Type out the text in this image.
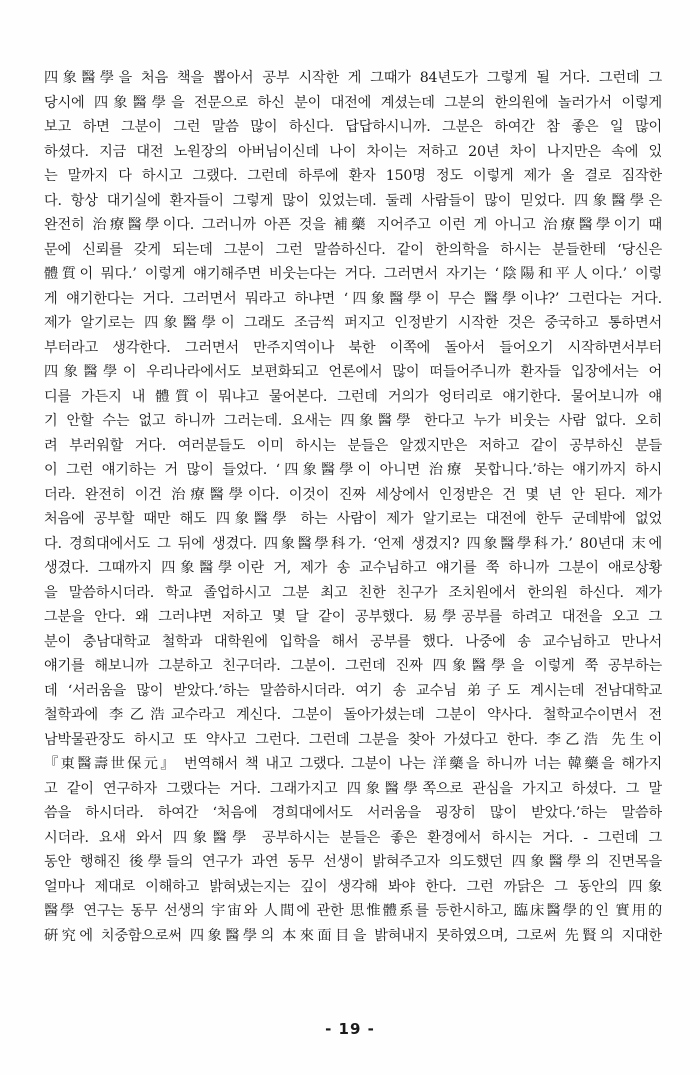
四象醫學을 처음 책을 뽑아서 공부 시작한 게 그때가 84년도가 그렇게 될 거다. 그런데 그
당시에 四象醫學을 전문으로 하신 분이 대전에 계셨는데 그분의 한의원에 놀러가서 이렇게
보고 하면 그분이 그런 말씀 많이 하신다. 답답하시니까. 그분은 하여간 참 좋은 일 많이
하셨다. 지금 대전 노원장의 아버님이신데 나이 차이는 저하고 20년 차이 나지만은 속에 있
는 말까지 다 하시고 그랬다. 그런데 하루에 환자 150명 정도 이렇게 제가 올 결로 짐작한
다. 항상 대기실에 환자들이 그렇게 많이 있었는데. 둘레 사람들이 많이 믿었다. 四象醫學은
완전히 治療醫學이다. 그러니까 아픈 것을 補藥 지어주고 이런 게 아니고 治療醫學이기 때
문에 신뢰를 갖게 되는데 그분이 그런 말씀하신다. 같이 한의학을 하시는 분들한테 ‘당신은
體質이 뭐다.’ 이렇게 얘기해주면 비웃는다는 거다. 그러면서 자기는 ‘陰陽和平人이다.’ 이렇
게 얘기한다는 거다. 그러면서 뭐라고 하냐면 ‘四象醫學이 무슨 醫學이냐?’ 그런다는 거다.
제가 알기로는 四象醫學이 그래도 조금씩 퍼지고 인정받기 시작한 것은 중국하고 통하면서
부터라고 생각한다. 그러면서 만주지역이나 북한 이쪽에 돌아서 들어오기 시작하면서부터
四象醫學이 우리나라에서도 보편화되고 언론에서 많이 떠들어주니까 환자들 입장에서는 어
디를 가든지 내 體質이 뭐냐고 물어본다. 그런데 거의가 엉터리로 얘기한다. 물어보니까 얘
기 안할 수는 없고 하니까 그러는데. 요새는 四象醫學 한다고 누가 비웃는 사람 없다. 오히
려 부러워할 거다. 여러분들도 이미 하시는 분들은 알겠지만은 저하고 같이 공부하신 분들
이 그런 얘기하는 거 많이 들었다. ‘四象醫學이 아니면 治療 못합니다.’하는 얘기까지 하시
더라. 완전히 이건 治療醫學이다. 이것이 진짜 세상에서 인정받은 건 몇 년 안 된다. 제가
처음에 공부할 때만 해도 四象醫學 하는 사람이 제가 알기로는 대전에 한두 군데밖에 없었
다. 경희대에서도 그 뒤에 생겼다. 四象醫學科가. ‘언제 생겼지? 四象醫學科가.’ 80년대 末에
생겼다. 그때까지 四象醫學이란 거, 제가 송 교수님하고 얘기를 쭉 하니까 그분이 애로상황
을 말씀하시더라. 학교 졸업하시고 그분 최고 친한 친구가 조치원에서 한의원 하신다. 제가
그분을 안다. 왜 그러냐면 저하고 몇 달 같이 공부했다. 易學공부를 하려고 대전을 오고 그
분이 충남대학교 철학과 대학원에 입학을 해서 공부를 했다. 나중에 송 교수님하고 만나서
얘기를 해보니까 그분하고 친구더라. 그분이. 그런데 진짜 四象醫學을 이렇게 쭉 공부하는
데 ‘서러움을 많이 받았다.’하는 말씀하시더라. 여기 송 교수님 弟子도 계시는데 전남대학교
철학과에 李乙浩교수라고 계신다. 그분이 돌아가셨는데 그분이 약사다. 철학교수이면서 전
남박물관장도 하시고 또 약사고 그런다. 그런데 그분을 찾아 가셨다고 한다. 李乙浩 先生이
『東醫壽世保元』 번역해서 책 내고 그랬다. 그분이 나는 洋藥을 하니까 너는 韓藥을 해가지
고 같이 연구하자 그랬다는 거다. 그래가지고 四象醫學쪽으로 관심을 가지고 하셨다. 그 말
씀을 하시더라. 하여간 ‘처음에 경희대에서도 서러움을 굉장히 많이 받았다.’하는 말씀하
시더라. 요새 와서 四象醫學 공부하시는 분들은 좋은 환경에서 하시는 거다. - 그런데 그
동안 행해진 後學들의 연구가 과연 동무 선생이 밝혀주고자 의도했던 四象醫學의 진면목을
얼마나 제대로 이해하고 밝혀냈는지는 깊이 생각해 봐야 한다. 그런 까닭은 그 동안의 四象
醫學 연구는 동무 선생의 宇宙와 人間에 관한 思惟體系를 등한시하고, 臨床醫學的인 實用的
硏究에 치중함으로써 四象醫學의 本來面目을 밝혀내지 못하였으며, 그로써 先賢의 지대한
- 19 -
